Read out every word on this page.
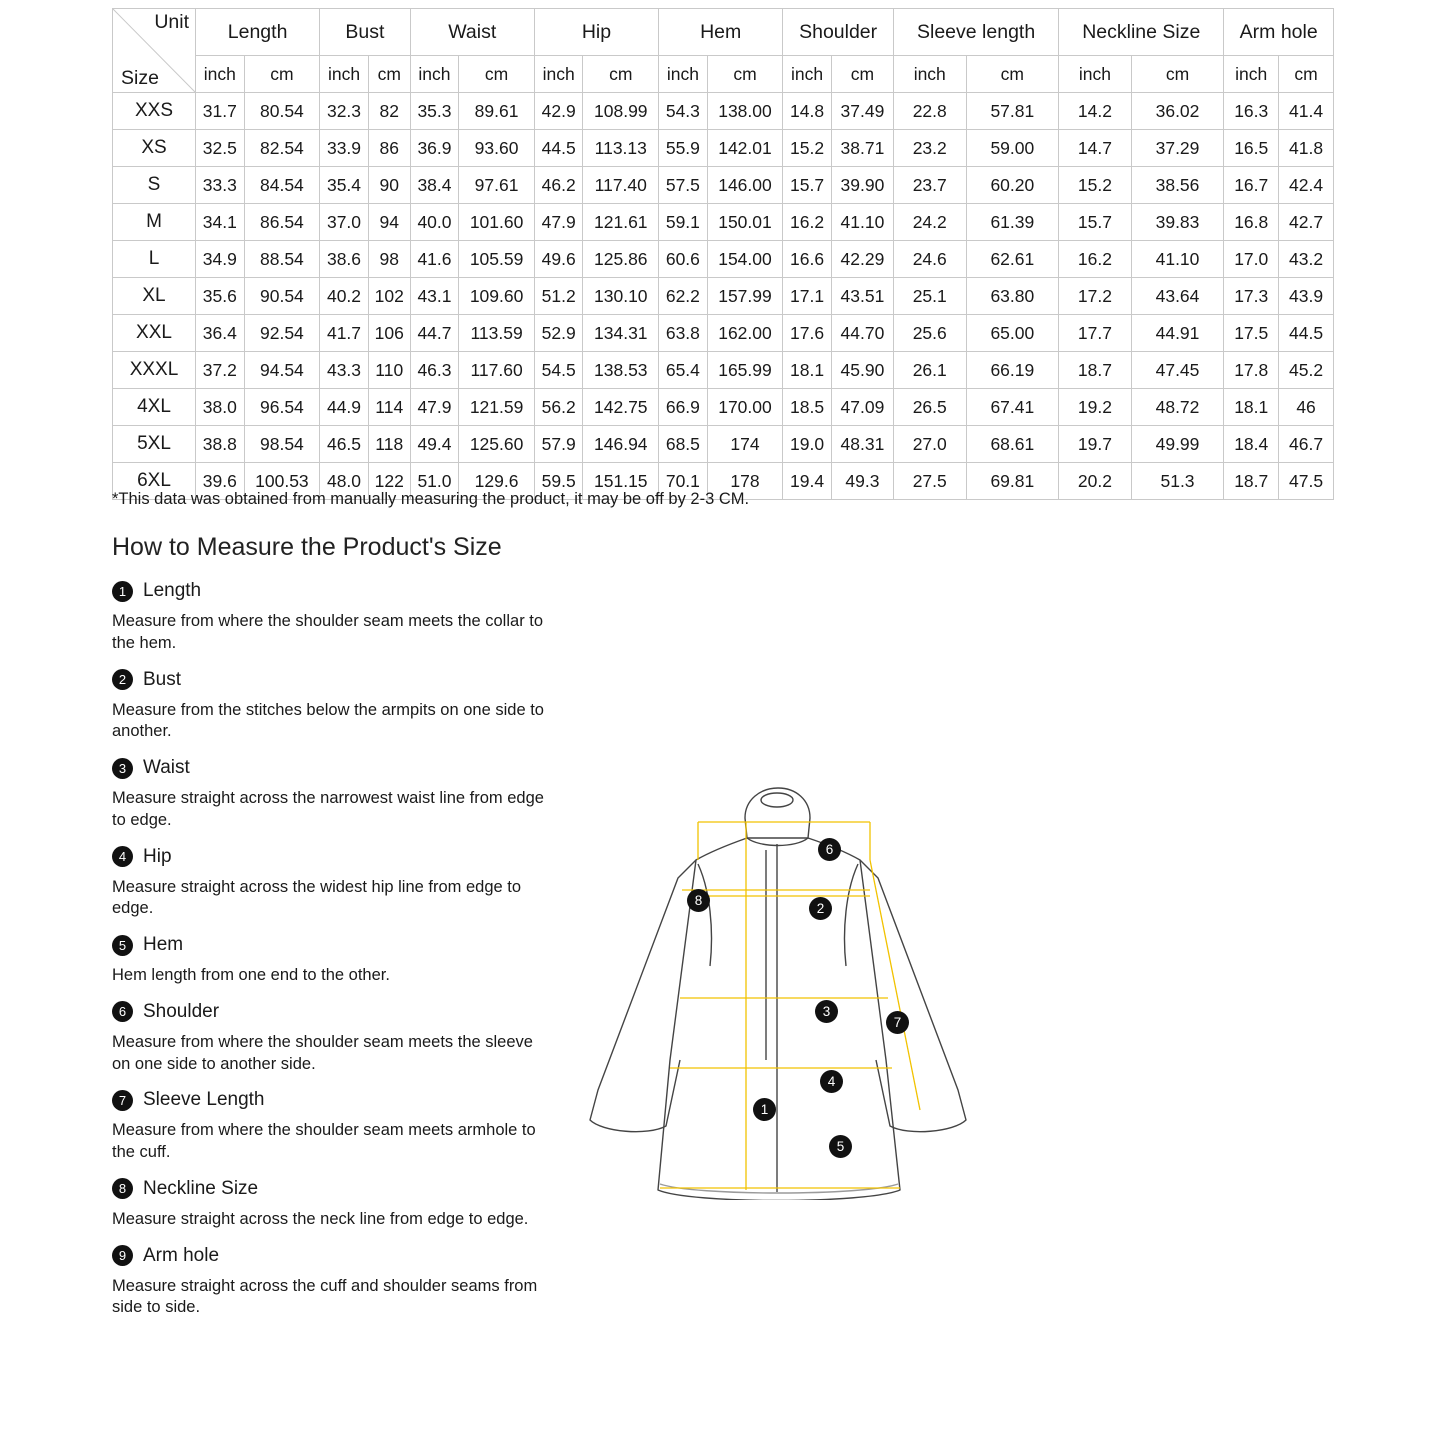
Unit
Size	Length		Bust		Waist		Hip		Hem		Shoulder		Sleeve length		Neckline Size		Arm hole	
	inch	cm	inch	cm	inch	cm	inch	cm	inch	cm	inch	cm	inch	cm	inch	cm	inch	cm
XXS	31.7	80.54	32.3	82	35.3	89.61	42.9	108.99	54.3	138.00	14.8	37.49	22.8	57.81	14.2	36.02	16.3	41.4
XS	32.5	82.54	33.9	86	36.9	93.60	44.5	113.13	55.9	142.01	15.2	38.71	23.2	59.00	14.7	37.29	16.5	41.8
S	33.3	84.54	35.4	90	38.4	97.61	46.2	117.40	57.5	146.00	15.7	39.90	23.7	60.20	15.2	38.56	16.7	42.4
M	34.1	86.54	37.0	94	40.0	101.60	47.9	121.61	59.1	150.01	16.2	41.10	24.2	61.39	15.7	39.83	16.8	42.7
L	34.9	88.54	38.6	98	41.6	105.59	49.6	125.86	60.6	154.00	16.6	42.29	24.6	62.61	16.2	41.10	17.0	43.2
XL	35.6	90.54	40.2	102	43.1	109.60	51.2	130.10	62.2	157.99	17.1	43.51	25.1	63.80	17.2	43.64	17.3	43.9
XXL	36.4	92.54	41.7	106	44.7	113.59	52.9	134.31	63.8	162.00	17.6	44.70	25.6	65.00	17.7	44.91	17.5	44.5
XXXL	37.2	94.54	43.3	110	46.3	117.60	54.5	138.53	65.4	165.99	18.1	45.90	26.1	66.19	18.7	47.45	17.8	45.2
4XL	38.0	96.54	44.9	114	47.9	121.59	56.2	142.75	66.9	170.00	18.5	47.09	26.5	67.41	19.2	48.72	18.1	46
5XL	38.8	98.54	46.5	118	49.4	125.60	57.9	146.94	68.5	174	19.0	48.31	27.0	68.61	19.7	49.99	18.4	46.7
6XL	39.6	100.53	48.0	122	51.0	129.6	59.5	151.15	70.1	178	19.4	49.3	27.5	69.81	20.2	51.3	18.7	47.5
*This data was obtained from manually measuring the product, it may be off by 2-3 CM.
How to Measure the Product's Size
1 Length
Measure from where the shoulder seam meets the collar to the hem.
2 Bust
Measure from the stitches below the armpits on one side to another.
3 Waist
Measure straight across the narrowest waist line from edge to edge.
4 Hip
Measure straight across the widest hip line from edge to edge.
5 Hem
Hem length from one end to the other.
6 Shoulder
Measure from where the shoulder seam meets the sleeve on one side to another side.
7 Sleeve Length
Measure from where the shoulder seam meets armhole to the cuff.
8 Neckline Size
Measure straight across the neck line from edge to edge.
9 Arm hole
Measure straight across the cuff and shoulder seams from side to side.
6
8
2
3
7
4
1
5
